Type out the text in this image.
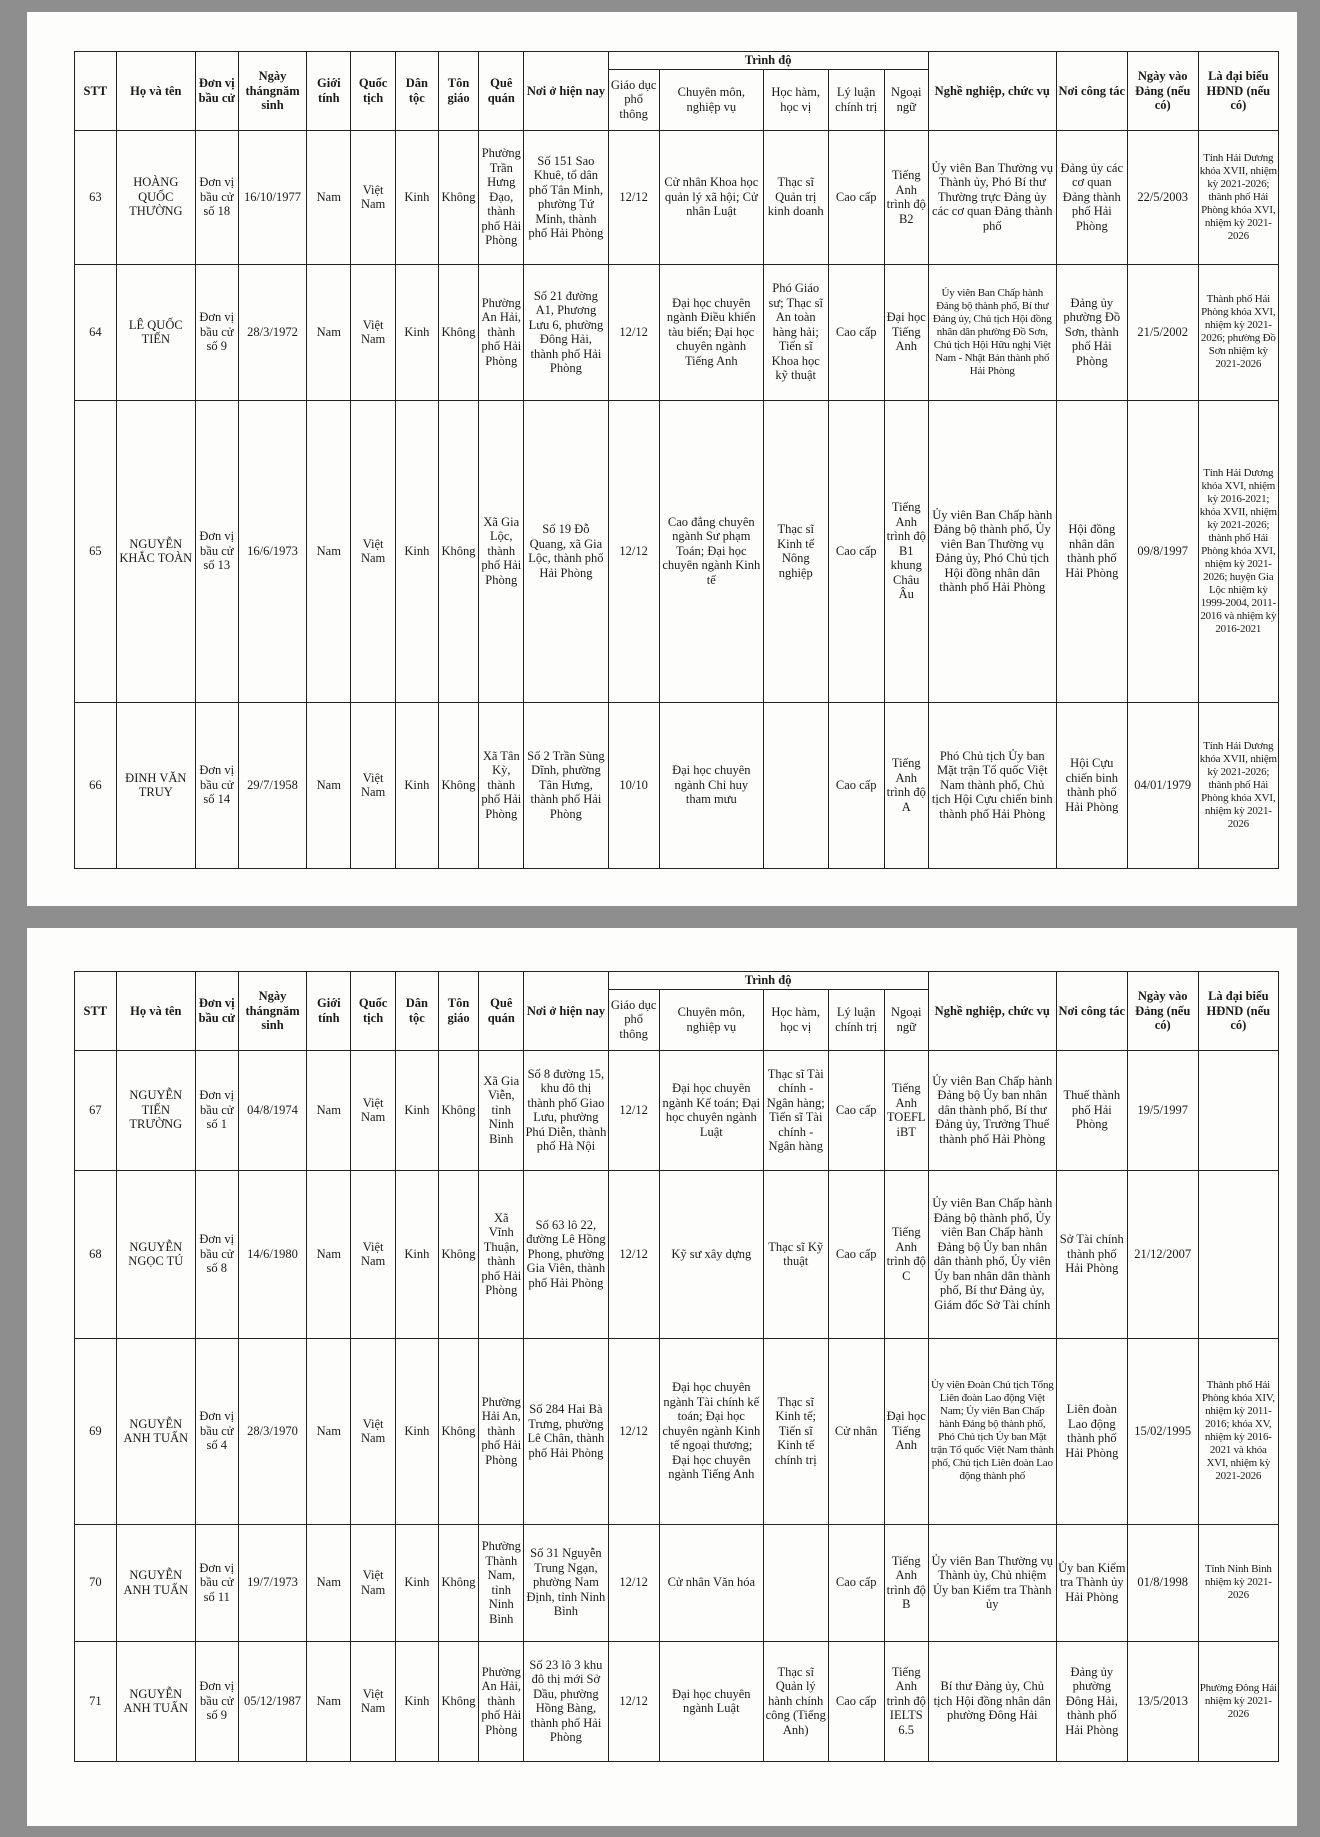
STT	Họ và tên	Đơn vị bầu cử	Ngày thángnăm sinh	Giới tính	Quốc tịch	Dân tộc	Tôn giáo	Quê quán	Nơi ở hiện nay	Trình độ					Nghề nghiệp, chức vụ	Nơi công tác	Ngày vào Đảng (nếu có)	Là đại biểu HĐND (nếu có)
										Giáo dục phổ thông	Chuyên môn, nghiệp vụ	Học hàm, học vị	Lý luận chính trị	Ngoại ngữ				
63	HOÀNG QUỐC THƯỜNG	Đơn vị bầu cử số 18	16/10/1977	Nam	Việt Nam	Kinh	Không	Phường Trần Hưng Đạo, thành phố Hải Phòng	Số 151 Sao Khuê, tổ dân phố Tân Minh, phường Tứ Minh, thành phố Hải Phòng	12/12	Cử nhân Khoa học quản lý xã hội; Cử nhân Luật	Thạc sĩ Quản trị kinh doanh	Cao cấp	Tiếng Anh trình độ B2	Ủy viên Ban Thường vụ Thành ủy, Phó Bí thư Thường trực Đảng ủy các cơ quan Đảng thành phố	Đảng ủy các cơ quan Đảng thành phố Hải Phòng	22/5/2003	Tỉnh Hải Dương khóa XVII, nhiệm kỳ 2021-2026; thành phố Hải Phòng khóa XVI, nhiệm kỳ 2021-2026
64	LÊ QUỐC TIẾN	Đơn vị bầu cử số 9	28/3/1972	Nam	Việt Nam	Kinh	Không	Phường An Hải, thành phố Hải Phòng	Số 21 đường A1, Phương Lưu 6, phường Đông Hải, thành phố Hải Phòng	12/12	Đại học chuyên ngành Điều khiển tàu biển; Đại học chuyên ngành Tiếng Anh	Phó Giáo sư; Thạc sĩ An toàn hàng hải; Tiến sĩ Khoa học kỹ thuật	Cao cấp	Đại học Tiếng Anh	Ủy viên Ban Chấp hành Đảng bộ thành phố, Bí thư Đảng ủy, Chủ tịch Hội đồng nhân dân phường Đồ Sơn, Chủ tịch Hội Hữu nghị Việt Nam - Nhật Bản thành phố Hải Phòng	Đảng ủy phường Đồ Sơn, thành phố Hải Phòng	21/5/2002	Thành phố Hải Phòng khóa XVI, nhiệm kỳ 2021-2026; phường Đồ Sơn nhiệm kỳ 2021-2026
65	NGUYỄN KHẮC TOÀN	Đơn vị bầu cử số 13	16/6/1973	Nam	Việt Nam	Kinh	Không	Xã Gia Lộc, thành phố Hải Phòng	Số 19 Đỗ Quang, xã Gia Lộc, thành phố Hải Phòng	12/12	Cao đẳng chuyên ngành Sư phạm Toán; Đại học chuyên ngành Kinh tế	Thạc sĩ Kinh tế Nông nghiệp	Cao cấp	Tiếng Anh trình độ B1 khung Châu Âu	Ủy viên Ban Chấp hành Đảng bộ thành phố, Ủy viên Ban Thường vụ Đảng ủy, Phó Chủ tịch Hội đồng nhân dân thành phố Hải Phòng	Hội đồng nhân dân thành phố Hải Phòng	09/8/1997	Tỉnh Hải Dương khóa XVI, nhiệm kỳ 2016-2021; khóa XVII, nhiệm kỳ 2021-2026; thành phố Hải Phòng khóa XVI, nhiệm kỳ 2021-2026; huyện Gia Lộc nhiệm kỳ 1999-2004, 2011-2016 và nhiệm kỳ 2016-2021
66	ĐINH VĂN TRUY	Đơn vị bầu cử số 14	29/7/1958	Nam	Việt Nam	Kinh	Không	Xã Tân Kỳ, thành phố Hải Phòng	Số 2 Trần Sùng Dĩnh, phường Tân Hưng, thành phố Hải Phòng	10/10	Đại học chuyên ngành Chỉ huy tham mưu		Cao cấp	Tiếng Anh trình độ A	Phó Chủ tịch Ủy ban Mặt trận Tổ quốc Việt Nam thành phố, Chủ tịch Hội Cựu chiến binh thành phố Hải Phòng	Hội Cựu chiến binh thành phố Hải Phòng	04/01/1979	Tỉnh Hải Dương khóa XVII, nhiệm kỳ 2021-2026; thành phố Hải Phòng khóa XVI, nhiệm kỳ 2021-2026
STT	Họ và tên	Đơn vị bầu cử	Ngày thángnăm sinh	Giới tính	Quốc tịch	Dân tộc	Tôn giáo	Quê quán	Nơi ở hiện nay	Trình độ					Nghề nghiệp, chức vụ	Nơi công tác	Ngày vào Đảng (nếu có)	Là đại biểu HĐND (nếu có)
										Giáo dục phổ thông	Chuyên môn, nghiệp vụ	Học hàm, học vị	Lý luận chính trị	Ngoại ngữ				
67	NGUYỄN TIẾN TRƯỜNG	Đơn vị bầu cử số 1	04/8/1974	Nam	Việt Nam	Kinh	Không	Xã Gia Viễn, tỉnh Ninh Bình	Số 8 đường 15, khu đô thị thành phố Giao Lưu, phường Phú Diễn, thành phố Hà Nội	12/12	Đại học chuyên ngành Kế toán; Đại học chuyên ngành Luật	Thạc sĩ Tài chính - Ngân hàng; Tiến sĩ Tài chính - Ngân hàng	Cao cấp	Tiếng Anh TOEFL iBT	Ủy viên Ban Chấp hành Đảng bộ Ủy ban nhân dân thành phố, Bí thư Đảng ủy, Trưởng Thuế thành phố Hải Phòng	Thuế thành phố Hải Phòng	19/5/1997	
68	NGUYỄN NGỌC TÚ	Đơn vị bầu cử số 8	14/6/1980	Nam	Việt Nam	Kinh	Không	Xã Vĩnh Thuận, thành phố Hải Phòng	Số 63 lô 22, đường Lê Hồng Phong, phường Gia Viên, thành phố Hải Phòng	12/12	Kỹ sư xây dựng	Thạc sĩ Kỹ thuật	Cao cấp	Tiếng Anh trình độ C	Ủy viên Ban Chấp hành Đảng bộ thành phố, Ủy viên Ban Chấp hành Đảng bộ Ủy ban nhân dân thành phố, Ủy viên Ủy ban nhân dân thành phố, Bí thư Đảng ủy, Giám đốc Sở Tài chính	Sở Tài chính thành phố Hải Phòng	21/12/2007	
69	NGUYỄN ANH TUẤN	Đơn vị bầu cử số 4	28/3/1970	Nam	Việt Nam	Kinh	Không	Phường Hải An, thành phố Hải Phòng	Số 284 Hai Bà Trưng, phường Lê Chân, thành phố Hải Phòng	12/12	Đại học chuyên ngành Tài chính kế toán; Đại học chuyên ngành Kinh tế ngoại thương; Đại học chuyên ngành Tiếng Anh	Thạc sĩ Kinh tế; Tiến sĩ Kinh tế chính trị	Cử nhân	Đại học Tiếng Anh	Ủy viên Đoàn Chủ tịch Tổng Liên đoàn Lao động Việt Nam; Ủy viên Ban Chấp hành Đảng bộ thành phố, Phó Chủ tịch Ủy ban Mặt trận Tổ quốc Việt Nam thành phố, Chủ tịch Liên đoàn Lao động thành phố	Liên đoàn Lao động thành phố Hải Phòng	15/02/1995	Thành phố Hải Phòng khóa XIV, nhiệm kỳ 2011-2016; khóa XV, nhiệm kỳ 2016-2021 và khóa XVI, nhiệm kỳ 2021-2026
70	NGUYỄN ANH TUẤN	Đơn vị bầu cử số 11	19/7/1973	Nam	Việt Nam	Kinh	Không	Phường Thành Nam, tỉnh Ninh Bình	Số 31 Nguyễn Trung Ngạn, phường Nam Định, tỉnh Ninh Bình	12/12	Cử nhân Văn hóa		Cao cấp	Tiếng Anh trình độ B	Ủy viên Ban Thường vụ Thành ủy, Chủ nhiệm Ủy ban Kiểm tra Thành ủy	Ủy ban Kiểm tra Thành ủy Hải Phòng	01/8/1998	Tỉnh Ninh Bình nhiệm kỳ 2021-2026
71	NGUYỄN ANH TUẤN	Đơn vị bầu cử số 9	05/12/1987	Nam	Việt Nam	Kinh	Không	Phường An Hải, thành phố Hải Phòng	Số 23 lô 3 khu đô thị mới Sở Dầu, phường Hồng Bàng, thành phố Hải Phòng	12/12	Đại học chuyên ngành Luật	Thạc sĩ Quản lý hành chính công (Tiếng Anh)	Cao cấp	Tiếng Anh trình độ IELTS 6.5	Bí thư Đảng ủy, Chủ tịch Hội đồng nhân dân phường Đông Hải	Đảng ủy phường Đông Hải, thành phố Hải Phòng	13/5/2013	Phường Đông Hải nhiệm kỳ 2021-2026
